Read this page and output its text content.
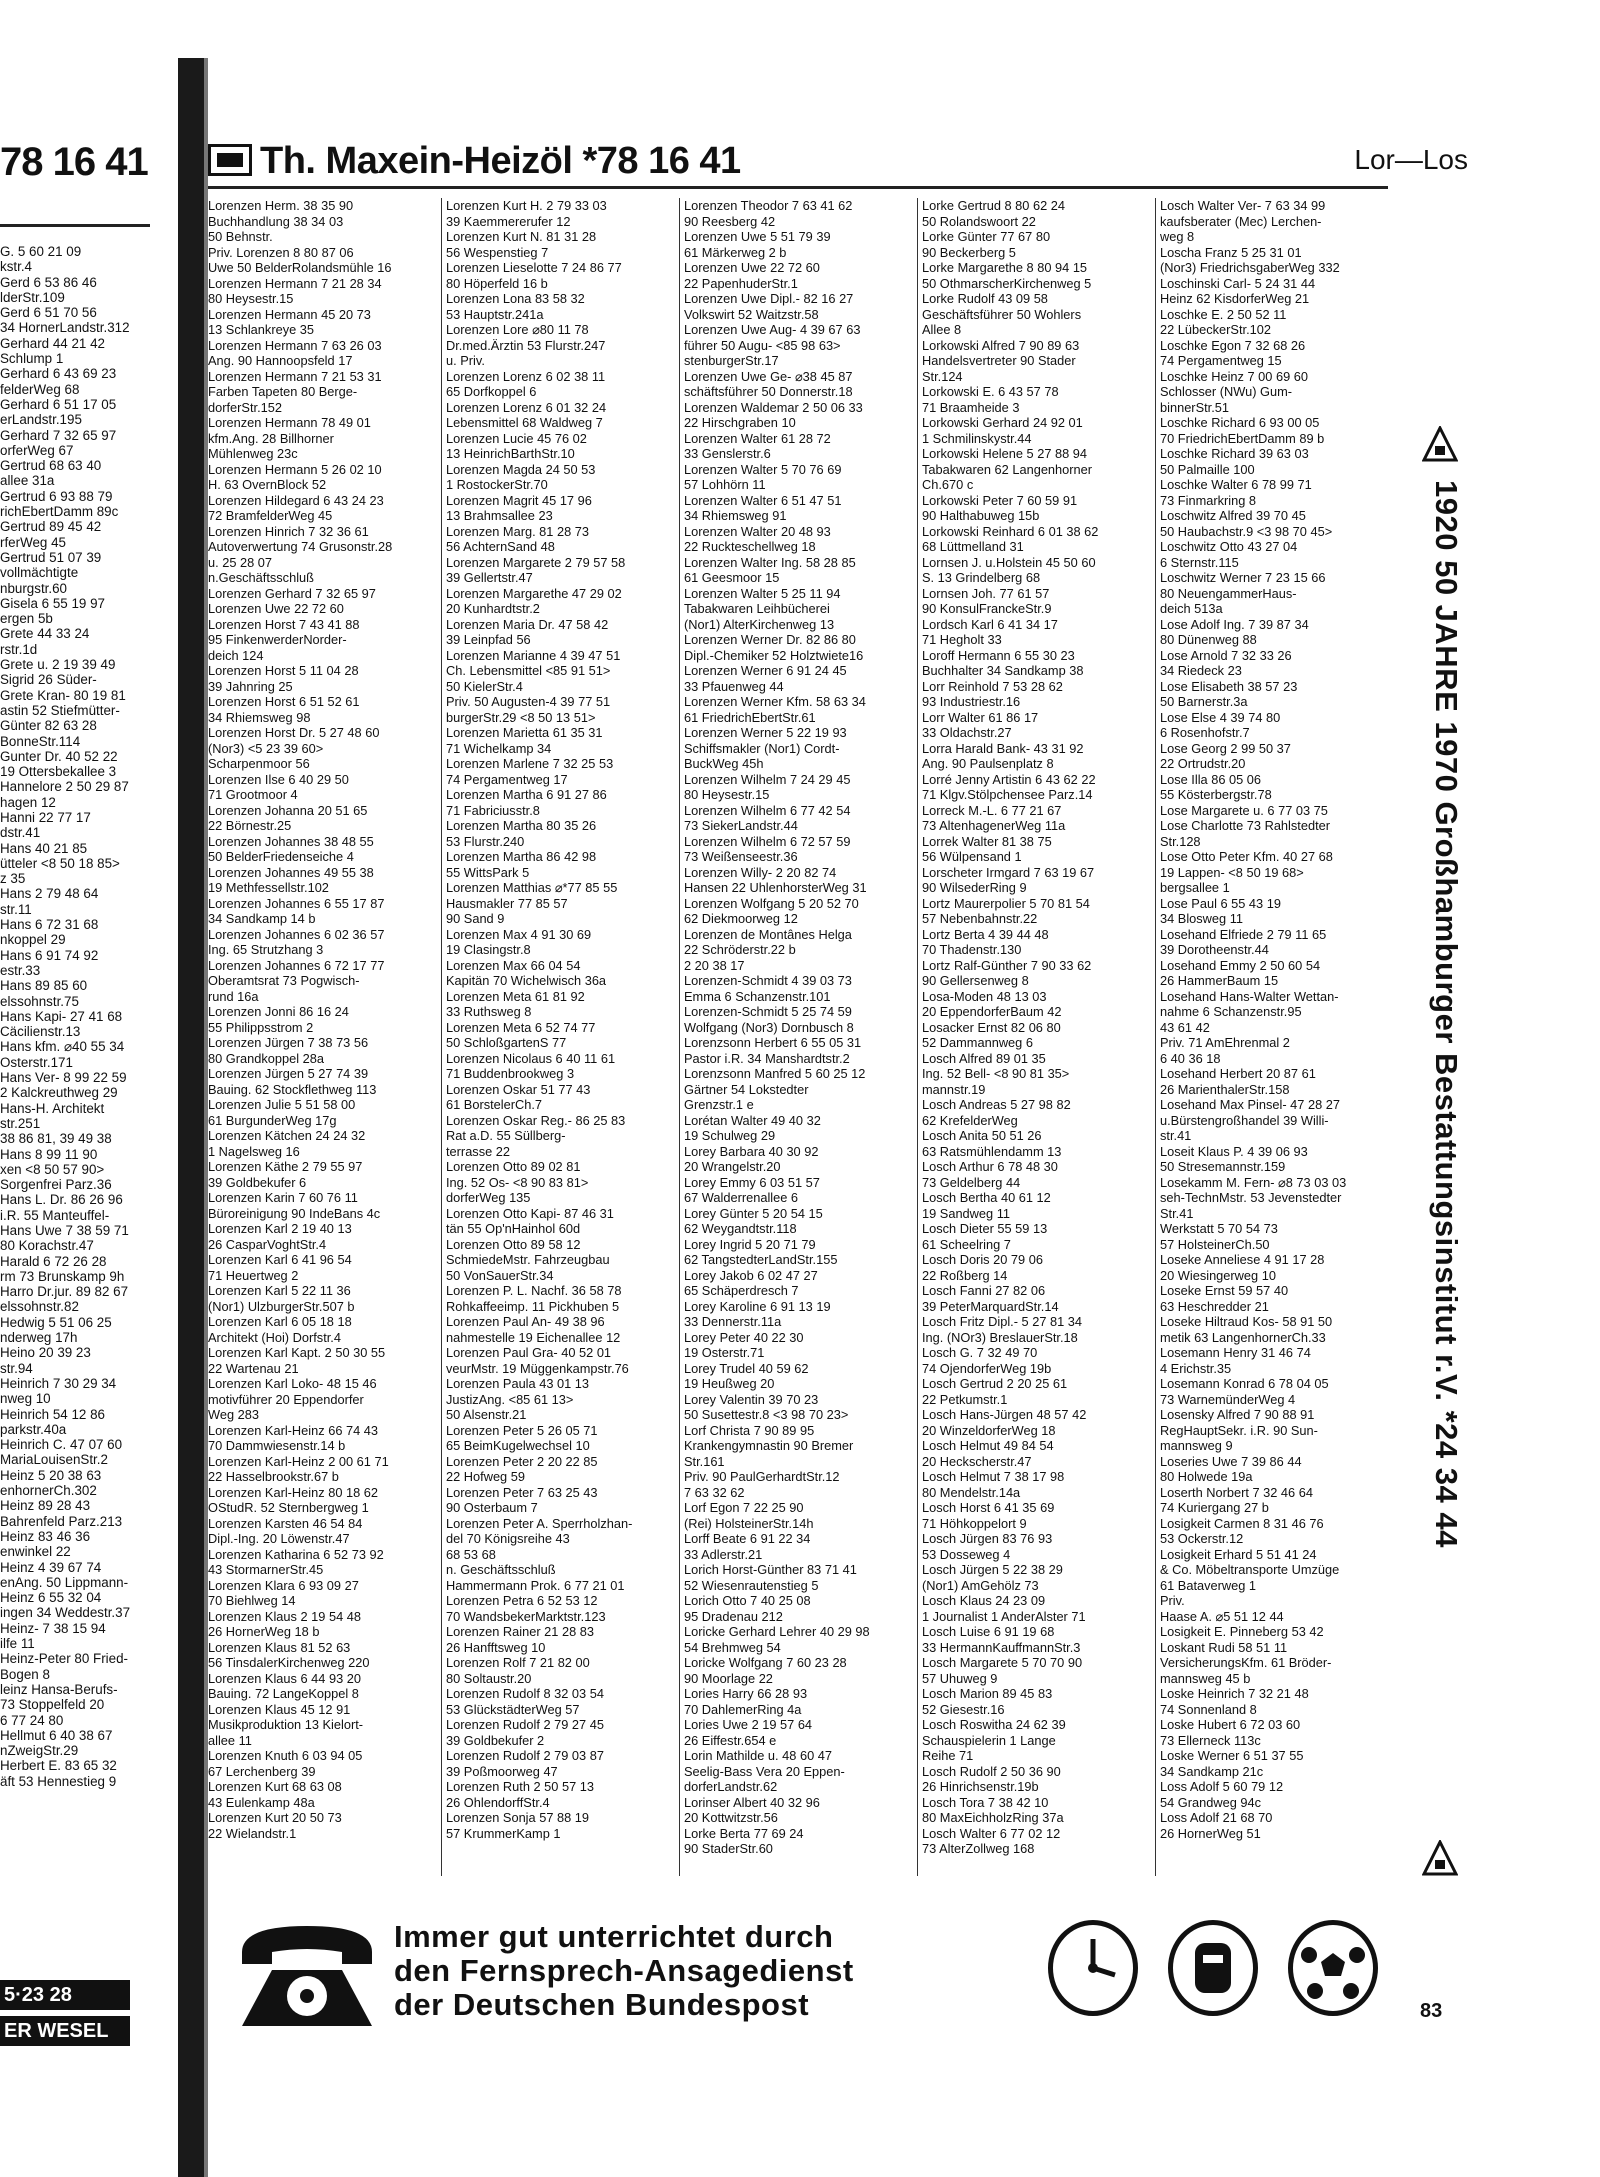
78 16 41
G. 5 60 21 09
kstr.4
Gerd 6 53 86 46
lderStr.109
Gerd 6 51 70 56
34 HornerLandstr.312
Gerhard 44 21 42
Schlump 1
Gerhard 6 43 69 23
felderWeg 68
Gerhard 6 51 17 05
erLandstr.195
Gerhard 7 32 65 97
orferWeg 67
Gertrud 68 63 40
allee 31a
Gertrud 6 93 88 79
richEbertDamm 89c
Gertrud 89 45 42
rferWeg 45
Gertrud 51 07 39
vollmächtigte
nburgstr.60
Gisela 6 55 19 97
ergen 5b
Grete 44 33 24
rstr.1d
Grete u. 2 19 39 49
Sigrid 26 Süder-
Grete Kran- 80 19 81
astin 52 Stiefmütter-
Günter 82 63 28
BonneStr.114
Gunter Dr. 40 52 22
19 Ottersbekallee 3
Hannelore 2 50 29 87
hagen 12
Hanni 22 77 17
dstr.41
Hans 40 21 85
ütteler <8 50 18 85>
z 35
Hans 2 79 48 64
str.11
Hans 6 72 31 68
nkoppel 29
Hans 6 91 74 92
estr.33
Hans 89 85 60
elssohnstr.75
Hans Kapi- 27 41 68
Cäcilienstr.13
Hans kfm. ⌀40 55 34
Osterstr.171
Hans Ver- 8 99 22 59
2 Kalckreuthweg 29
Hans-H. Architekt
str.251
38 86 81, 39 49 38
Hans 8 99 11 90
xen <8 50 57 90>
Sorgenfrei Parz.36
Hans L. Dr. 86 26 96
i.R. 55 Manteuffel-
Hans Uwe 7 38 59 71
80 Korachstr.47
Harald 6 72 26 28
rm 73 Brunskamp 9h
Harro Dr.jur. 89 82 67
elssohnstr.82
Hedwig 5 51 06 25
nderweg 17h
Heino 20 39 23
str.94
Heinrich 7 30 29 34
nweg 10
Heinrich 54 12 86
parkstr.40a
Heinrich C. 47 07 60
MariaLouisenStr.2
Heinz 5 20 38 63
enhornerCh.302
Heinz 89 28 43
Bahrenfeld Parz.213
Heinz 83 46 36
enwinkel 22
Heinz 4 39 67 74
enAng. 50 Lippmann-
Heinz 6 55 32 04
ingen 34 Weddestr.37
Heinz- 7 38 15 94
ilfe 11
Heinz-Peter 80 Fried-
Bogen 8
leinz Hansa-Berufs-
73 Stoppelfeld 20
6 77 24 80
Hellmut 6 40 38 67
nZweigStr.29
Herbert E. 83 65 32
äft 53 Hennestieg 9
5·23 28
ER WESEL
Th. Maxein-Heizöl *78 16 41	Lor—Los
Lorenzen Herm. 38 35 90
Buchhandlung 38 34 03
50 Behnstr.
Priv. Lorenzen 8 80 87 06
Uwe 50 BelderRolandsmühle 16
Lorenzen Hermann 7 21 28 34
80 Heysestr.15
Lorenzen Hermann 45 20 73
13 Schlankreye 35
Lorenzen Hermann 7 63 26 03
Ang. 90 Hannoopsfeld 17
Lorenzen Hermann 7 21 53 31
Farben Tapeten 80 Berge-
dorferStr.152
Lorenzen Hermann 78 49 01
kfm.Ang. 28 Billhorner
Mühlenweg 23c
Lorenzen Hermann 5 26 02 10
H. 63 OvernBlock 52
Lorenzen Hildegard 6 43 24 23
72 BramfelderWeg 45
Lorenzen Hinrich 7 32 36 61
Autoverwertung 74 Grusonstr.28
u. 25 28 07
n.Geschäftsschluß
Lorenzen Gerhard 7 32 65 97
Lorenzen Uwe 22 72 60
Lorenzen Horst 7 43 41 88
95 FinkenwerderNorder-
deich 124
Lorenzen Horst 5 11 04 28
39 Jahnring 25
Lorenzen Horst 6 51 52 61
34 Rhiemsweg 98
Lorenzen Horst Dr. 5 27 48 60
(Nor3) <5 23 39 60>
Scharpenmoor 56
Lorenzen Ilse 6 40 29 50
71 Grootmoor 4
Lorenzen Johanna 20 51 65
22 Börnestr.25
Lorenzen Johannes 38 48 55
50 BelderFriedenseiche 4
Lorenzen Johannes 49 55 38
19 Methfessellstr.102
Lorenzen Johannes 6 55 17 87
34 Sandkamp 14 b
Lorenzen Johannes 6 02 36 57
Ing. 65 Strutzhang 3
Lorenzen Johannes 6 72 17 77
Oberamtsrat 73 Pogwisch-
rund 16a
Lorenzen Jonni 86 16 24
55 Philippsstrom 2
Lorenzen Jürgen 7 38 73 56
80 Grandkoppel 28a
Lorenzen Jürgen 5 27 74 39
Bauing. 62 Stockflethweg 113
Lorenzen Julie 5 51 58 00
61 BurgunderWeg 17g
Lorenzen Kätchen 24 24 32
1 Nagelsweg 16
Lorenzen Käthe 2 79 55 97
39 Goldbekufer 6
Lorenzen Karin 7 60 76 11
Büroreinigung 90 IndeBans 4c
Lorenzen Karl 2 19 40 13
26 CasparVoghtStr.4
Lorenzen Karl 6 41 96 54
71 Heuertweg 2
Lorenzen Karl 5 22 11 36
(Nor1) UlzburgerStr.507 b
Lorenzen Karl 6 05 18 18
Architekt (Hoi) Dorfstr.4
Lorenzen Karl Kapt. 2 50 30 55
22 Wartenau 21
Lorenzen Karl Loko- 48 15 46
motivführer 20 Eppendorfer
Weg 283
Lorenzen Karl-Heinz 66 74 43
70 Dammwiesenstr.14 b
Lorenzen Karl-Heinz 2 00 61 71
22 Hasselbrookstr.67 b
Lorenzen Karl-Heinz 80 18 62
OStudR. 52 Sternbergweg 1
Lorenzen Karsten 46 54 84
Dipl.-Ing. 20 Löwenstr.47
Lorenzen Katharina 6 52 73 92
43 StormarnerStr.45
Lorenzen Klara 6 93 09 27
70 Biehlweg 14
Lorenzen Klaus 2 19 54 48
26 HornerWeg 18 b
Lorenzen Klaus 81 52 63
56 TinsdalerKirchenweg 220
Lorenzen Klaus 6 44 93 20
Bauing. 72 LangeKoppel 8
Lorenzen Klaus 45 12 91
Musikproduktion 13 Kielort-
allee 11
Lorenzen Knuth 6 03 94 05
67 Lerchenberg 39
Lorenzen Kurt 68 63 08
43 Eulenkamp 48a
Lorenzen Kurt 20 50 73
22 Wielandstr.1
Lorenzen Kurt H. 2 79 33 03
39 Kaemmererufer 12
Lorenzen Kurt N. 81 31 28
56 Wespenstieg 7
Lorenzen Lieselotte 7 24 86 77
80 Höperfeld 16 b
Lorenzen Lona 83 58 32
53 Hauptstr.241a
Lorenzen Lore ⌀80 11 78
Dr.med.Ärztin 53 Flurstr.247
u. Priv.
Lorenzen Lorenz 6 02 38 11
65 Dorfkoppel 6
Lorenzen Lorenz 6 01 32 24
Lebensmittel 68 Waldweg 7
Lorenzen Lucie 45 76 02
13 HeinrichBarthStr.10
Lorenzen Magda 24 50 53
1 RostockerStr.70
Lorenzen Magrit 45 17 96
13 Brahmsallee 23
Lorenzen Marg. 81 28 73
56 AchternSand 48
Lorenzen Margarete 2 79 57 58
39 Gellertstr.47
Lorenzen Margarethe 47 29 02
20 Kunhardtstr.2
Lorenzen Maria Dr. 47 58 42
39 Leinpfad 56
Lorenzen Marianne 4 39 47 51
Ch. Lebensmittel <85 91 51>
50 KielerStr.4
Priv. 50 Augusten-4 39 77 51
burgerStr.29 <8 50 13 51>
Lorenzen Marietta 61 35 31
71 Wichelkamp 34
Lorenzen Marlene 7 32 25 53
74 Pergamentweg 17
Lorenzen Martha 6 91 27 86
71 Fabriciusstr.8
Lorenzen Martha 80 35 26
53 Flurstr.240
Lorenzen Martha 86 42 98
55 WittsPark 5
Lorenzen Matthias ⌀*77 85 55
Hausmakler 77 85 57
90 Sand 9
Lorenzen Max 4 91 30 69
19 Clasingstr.8
Lorenzen Max 66 04 54
Kapitän 70 Wichelwisch 36a
Lorenzen Meta 61 81 92
33 Ruthsweg 8
Lorenzen Meta 6 52 74 77
50 SchloßgartenS 77
Lorenzen Nicolaus 6 40 11 61
71 Buddenbrookweg 3
Lorenzen Oskar 51 77 43
61 BorstelerCh.7
Lorenzen Oskar Reg.- 86 25 83
Rat a.D. 55 Süllberg-
terrasse 22
Lorenzen Otto 89 02 81
Ing. 52 Os- <8 90 83 81>
dorferWeg 135
Lorenzen Otto Kapi- 87 46 31
tän 55 Op'nHainhol 60d
Lorenzen Otto 89 58 12
SchmiedeMstr. Fahrzeugbau
50 VonSauerStr.34
Lorenzen P. L. Nachf. 36 58 78
Rohkaffeeimp. 11 Pickhuben 5
Lorenzen Paul An- 49 38 96
nahmestelle 19 Eichenallee 12
Lorenzen Paul Gra- 40 52 01
veurMstr. 19 Müggenkampstr.76
Lorenzen Paula 43 01 13
JustizAng. <85 61 13>
50 Alsenstr.21
Lorenzen Peter 5 26 05 71
65 BeimKugelwechsel 10
Lorenzen Peter 2 20 22 85
22 Hofweg 59
Lorenzen Peter 7 63 25 43
90 Osterbaum 7
Lorenzen Peter A. Sperrholzhan-
del 70 Königsreihe 43
68 53 68
n. Geschäftsschluß
Hammermann Prok. 6 77 21 01
Lorenzen Petra 6 52 53 12
70 WandsbekerMarktstr.123
Lorenzen Rainer 21 28 83
26 Hanfftsweg 10
Lorenzen Rolf 7 21 82 00
80 Soltaustr.20
Lorenzen Rudolf 8 32 03 54
53 GlückstädterWeg 57
Lorenzen Rudolf 2 79 27 45
39 Goldbekufer 2
Lorenzen Rudolf 2 79 03 87
39 Poßmoorweg 47
Lorenzen Ruth 2 50 57 13
26 OhlendorffStr.4
Lorenzen Sonja 57 88 19
57 KrummerKamp 1
Lorenzen Theodor 7 63 41 62
90 Reesberg 42
Lorenzen Uwe 5 51 79 39
61 Märkerweg 2 b
Lorenzen Uwe 22 72 60
22 PapenhuderStr.1
Lorenzen Uwe Dipl.- 82 16 27
Volkswirt 52 Waitzstr.58
Lorenzen Uwe Aug- 4 39 67 63
führer 50 Augu- <85 98 63>
stenburgerStr.17
Lorenzen Uwe Ge- ⌀38 45 87
schäftsführer 50 Donnerstr.18
Lorenzen Waldemar 2 50 06 33
22 Hirschgraben 10
Lorenzen Walter 61 28 72
33 Genslerstr.6
Lorenzen Walter 5 70 76 69
57 Lohhörn 11
Lorenzen Walter 6 51 47 51
34 Rhiemsweg 91
Lorenzen Walter 20 48 93
22 Ruckteschellweg 18
Lorenzen Walter Ing. 58 28 85
61 Geesmoor 15
Lorenzen Walter 5 25 11 94
Tabakwaren Leihbücherei
(Nor1) AlterKirchenweg 13
Lorenzen Werner Dr. 82 86 80
Dipl.-Chemiker 52 Holztwiete16
Lorenzen Werner 6 91 24 45
33 Pfauenweg 44
Lorenzen Werner Kfm. 58 63 34
61 FriedrichEbertStr.61
Lorenzen Werner 5 22 19 93
Schiffsmakler (Nor1) Cordt-
BuckWeg 45h
Lorenzen Wilhelm 7 24 29 45
80 Heysestr.15
Lorenzen Wilhelm 6 77 42 54
73 SiekerLandstr.44
Lorenzen Wilhelm 6 72 57 59
73 Weißenseestr.36
Lorenzen Willy- 2 20 82 74
Hansen 22 UhlenhorsterWeg 31
Lorenzen Wolfgang 5 20 52 70
62 Diekmoorweg 12
Lorenzen de Montânes Helga
22 Schröderstr.22 b
2 20 38 17
Lorenzen-Schmidt 4 39 03 73
Emma 6 Schanzenstr.101
Lorenzen-Schmidt 5 25 74 59
Wolfgang (Nor3) Dornbusch 8
Lorenzsonn Herbert 6 55 05 31
Pastor i.R. 34 Manshardtstr.2
Lorenzsonn Manfred 5 60 25 12
Gärtner 54 Lokstedter
Grenzstr.1 e
Lorétan Walter 49 40 32
19 Schulweg 29
Lorey Barbara 40 30 92
20 Wrangelstr.20
Lorey Emmy 6 03 51 57
67 Walderrenallee 6
Lorey Günter 5 20 54 15
62 Weygandtstr.118
Lorey Ingrid 5 20 71 79
62 TangstedterLandStr.155
Lorey Jakob 6 02 47 27
65 Schäperdresch 7
Lorey Karoline 6 91 13 19
33 Dennerstr.11a
Lorey Peter 40 22 30
19 Osterstr.71
Lorey Trudel 40 59 62
19 Heußweg 20
Lorey Valentin 39 70 23
50 Susettestr.8 <3 98 70 23>
Lorf Christa 7 90 89 95
Krankengymnastin 90 Bremer
Str.161
Priv. 90 PaulGerhardtStr.12
7 63 32 62
Lorf Egon 7 22 25 90
(Rei) HolsteinerStr.14h
Lorff Beate 6 91 22 34
33 Adlerstr.21
Lorich Horst-Günther 83 71 41
52 Wiesenrautenstieg 5
Lorich Otto 7 40 25 08
95 Dradenau 212
Loricke Gerhard Lehrer 40 29 98
54 Brehmweg 54
Loricke Wolfgang 7 60 23 28
90 Moorlage 22
Lories Harry 66 28 93
70 DahlemerRing 4a
Lories Uwe 2 19 57 64
26 Eiffestr.654 e
Lorin Mathilde u. 48 60 47
Seelig-Bass Vera 20 Eppen-
dorferLandstr.62
Lorinser Albert 40 32 96
20 Kottwitzstr.56
Lorke Berta 77 69 24
90 StaderStr.60
Lorke Gertrud 8 80 62 24
50 Rolandswoort 22
Lorke Günter 77 67 80
90 Beckerberg 5
Lorke Margarethe 8 80 94 15
50 OthmarscherKirchenweg 5
Lorke Rudolf 43 09 58
Geschäftsführer 50 Wohlers
Allee 8
Lorkowski Alfred 7 90 89 63
Handelsvertreter 90 Stader
Str.124
Lorkowski E. 6 43 57 78
71 Braamheide 3
Lorkowski Gerhard 24 92 01
1 Schmilinskystr.44
Lorkowski Helene 5 27 88 94
Tabakwaren 62 Langenhorner
Ch.670 c
Lorkowski Peter 7 60 59 91
90 Halthabuweg 15b
Lorkowski Reinhard 6 01 38 62
68 Lüttmelland 31
Lornsen J. u.Holstein 45 50 60
S. 13 Grindelberg 68
Lornsen Joh. 77 61 57
90 KonsulFranckeStr.9
Lordsch Karl 6 41 34 17
71 Hegholt 33
Loroff Hermann 6 55 30 23
Buchhalter 34 Sandkamp 38
Lorr Reinhold 7 53 28 62
93 Industriestr.16
Lorr Walter 61 86 17
33 Oldachstr.27
Lorra Harald Bank- 43 31 92
Ang. 90 Paulsenplatz 8
Lorré Jenny Artistin 6 43 62 22
71 Klgv.Stölpchensee Parz.14
Lorreck M.-L. 6 77 21 67
73 AltenhagenerWeg 11a
Lorrek Walter 81 38 75
56 Wülpensand 1
Lorscheter Irmgard 7 63 19 67
90 WilsederRing 9
Lortz Maurerpolier 5 70 81 54
57 Nebenbahnstr.22
Lortz Berta 4 39 44 48
70 Thadenstr.130
Lortz Ralf-Günther 7 90 33 62
90 Gellersenweg 8
Losa-Moden 48 13 03
20 EppendorferBaum 42
Losacker Ernst 82 06 80
52 Dammannweg 6
Losch Alfred 89 01 35
Ing. 52 Bell- <8 90 81 35>
mannstr.19
Losch Andreas 5 27 98 82
62 KrefelderWeg
Losch Anita 50 51 26
63 Ratsmühlendamm 13
Losch Arthur 6 78 48 30
73 Geldelberg 44
Losch Bertha 40 61 12
19 Sandweg 11
Losch Dieter 55 59 13
61 Scheelring 7
Losch Doris 20 79 06
22 Roßberg 14
Losch Fanni 27 82 06
39 PeterMarquardStr.14
Losch Fritz Dipl.- 5 27 81 34
Ing. (NOr3) BreslauerStr.18
Losch G. 7 32 49 70
74 OjendorferWeg 19b
Losch Gertrud 2 20 25 61
22 Petkumstr.1
Losch Hans-Jürgen 48 57 42
20 WinzeldorferWeg 18
Losch Helmut 49 84 54
20 Heckscherstr.47
Losch Helmut 7 38 17 98
80 Mendelstr.14a
Losch Horst 6 41 35 69
71 Höhkoppelort 9
Losch Jürgen 83 76 93
53 Dosseweg 4
Losch Jürgen 5 22 38 29
(Nor1) AmGehölz 73
Losch Klaus 24 23 09
1 Journalist 1 AnderAlster 71
Losch Luise 6 91 19 68
33 HermannKauffmannStr.3
Losch Margarete 5 70 70 90
57 Uhuweg 9
Losch Marion 89 45 83
52 Giesestr.16
Losch Roswitha 24 62 39
Schauspielerin 1 Lange
Reihe 71
Losch Rudolf 2 50 36 90
26 Hinrichsenstr.19b
Losch Tora 7 38 42 10
80 MaxEichholzRing 37a
Losch Walter 6 77 02 12
73 AlterZollweg 168
Losch Walter Ver- 7 63 34 99
kaufsberater (Mec) Lerchen-
weg 8
Loscha Franz 5 25 31 01
(Nor3) FriedrichsgaberWeg 332
Loschinski Carl- 5 24 31 44
Heinz 62 KisdorferWeg 21
Loschke E. 2 50 52 11
22 LübeckerStr.102
Loschke Egon 7 32 68 26
74 Pergamentweg 15
Loschke Heinz 7 00 69 60
Schlosser (NWu) Gum-
binnerStr.51
Loschke Richard 6 93 00 05
70 FriedrichEbertDamm 89 b
Loschke Richard 39 63 03
50 Palmaille 100
Loschke Walter 6 78 99 71
73 Finmarkring 8
Loschwitz Alfred 39 70 45
50 Haubachstr.9 <3 98 70 45>
Loschwitz Otto 43 27 04
6 Sternstr.115
Loschwitz Werner 7 23 15 66
80 NeuengammerHaus-
deich 513a
Lose Adolf Ing. 7 39 87 34
80 Dünenweg 88
Lose Arnold 7 32 33 26
34 Riedeck 23
Lose Elisabeth 38 57 23
50 Barnerstr.3a
Lose Else 4 39 74 80
6 Rosenhofstr.7
Lose Georg 2 99 50 37
22 Ortrudstr.20
Lose Illa 86 05 06
55 Kösterbergstr.78
Lose Margarete u. 6 77 03 75
Lose Charlotte 73 Rahlstedter
Str.128
Lose Otto Peter Kfm. 40 27 68
19 Lappen- <8 50 19 68>
bergsallee 1
Lose Paul 6 55 43 19
34 Blosweg 11
Losehand Elfriede 2 79 11 65
39 Dorotheenstr.44
Losehand Emmy 2 50 60 54
26 HammerBaum 15
Losehand Hans-Walter Wettan-
nahme 6 Schanzenstr.95
43 61 42
Priv. 71 AmEhrenmal 2
6 40 36 18
Losehand Herbert 20 87 61
26 MarienthalerStr.158
Losehand Max Pinsel- 47 28 27
u.Bürstengroßhandel 39 Willi-
str.41
Loseit Klaus P. 4 39 06 93
50 Stresemannstr.159
Losekamm M. Fern- ⌀8 73 03 03
seh-TechnMstr. 53 Jevenstedter
Str.41
Werkstatt 5 70 54 73
57 HolsteinerCh.50
Loseke Anneliese 4 91 17 28
20 Wiesingerweg 10
Loseke Ernst 59 57 40
63 Heschredder 21
Loseke Hiltraud Kos- 58 91 50
metik 63 LangenhornerCh.33
Losemann Henry 31 46 74
4 Erichstr.35
Losemann Konrad 6 78 04 05
73 WarnemünderWeg 4
Losensky Alfred 7 90 88 91
RegHauptSekr. i.R. 90 Sun-
mannsweg 9
Loseries Uwe 7 39 86 44
80 Holwede 19a
Loserth Norbert 7 32 46 64
74 Kuriergang 27 b
Losigkeit Carmen 8 31 46 76
53 Ockerstr.12
Losigkeit Erhard 5 51 41 24
& Co. Möbeltransporte Umzüge
61 Bataverweg 1
Priv.
Haase A. ⌀5 51 12 44
Losigkeit E. Pinneberg 53 42
Loskant Rudi 58 51 11
VersicherungsKfm. 61 Bröder-
mannsweg 45 b
Loske Heinrich 7 32 21 48
74 Sonnenland 8
Loske Hubert 6 72 03 60
73 Ellerneck 113c
Loske Werner 6 51 37 55
34 Sandkamp 21c
Loss Adolf 5 60 79 12
54 Grandweg 94c
Loss Adolf 21 68 70
26 HornerWeg 51
1920 50 JAHRE 1970 Großhamburger Bestattungsinstitut r.V. *24 34 44
Immer gut unterrichtet durch
den Fernsprech-Ansagedienst
der Deutschen Bundespost	83
